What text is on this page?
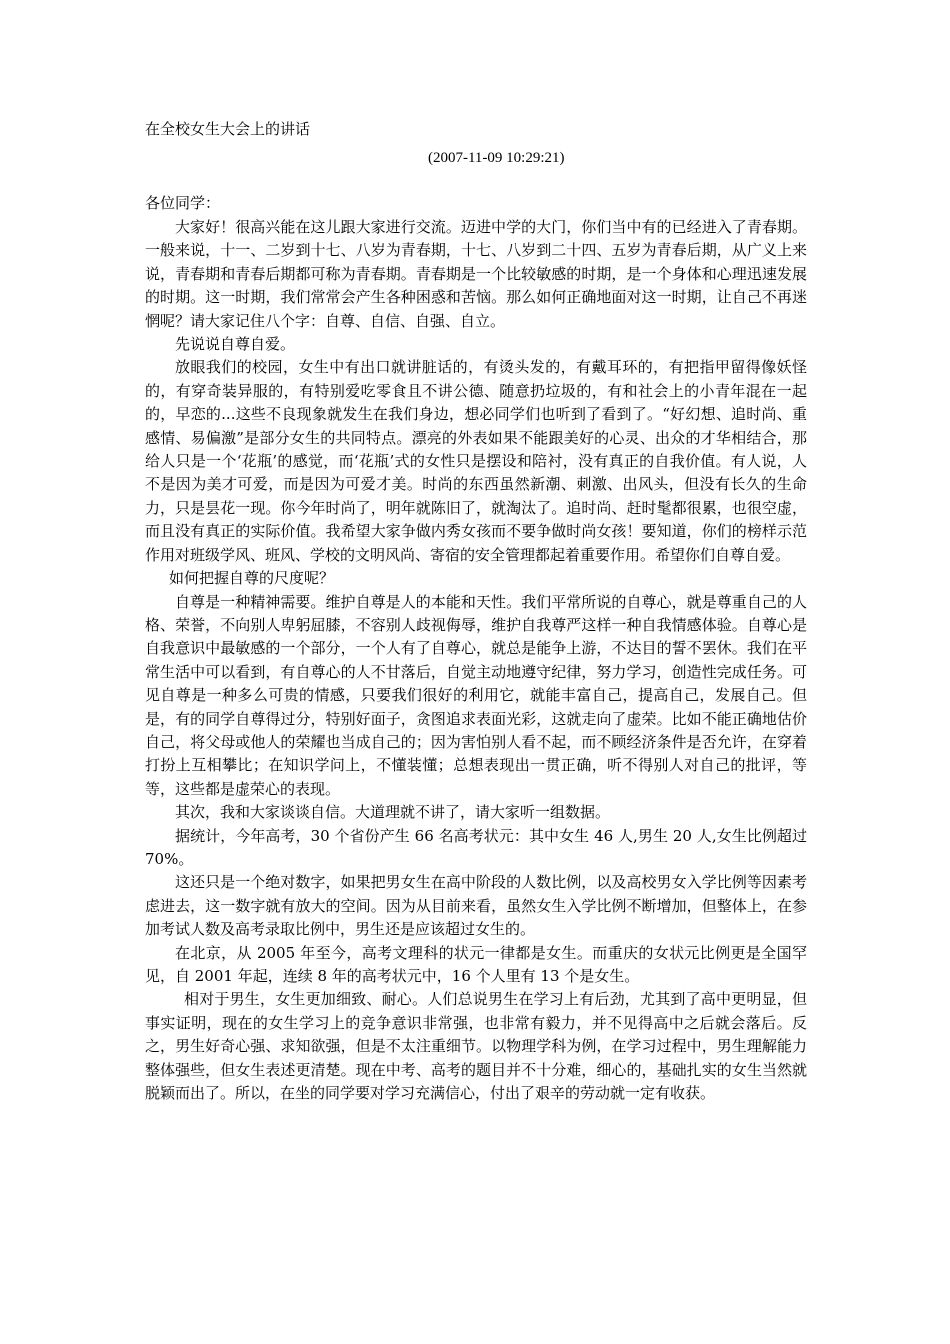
在全校女生大会上的讲话
(2007-11-09 10:29:21)
各位同学：

大家好！很高兴能在这儿跟大家进行交流。迈进中学的大门，你们当中有的已经进入了青春期。一般来说，十一、二岁到十七、八岁为青春期，十七、八岁到二十四、五岁为青春后期，从广义上来说，青春期和青春后期都可称为青春期。青春期是一个比较敏感的时期，是一个身体和心理迅速发展的时期。这一时期，我们常常会产生各种困惑和苦恼。那么如何正确地面对这一时期，让自己不再迷惘呢？请大家记住八个字：自尊、自信、自强、自立。

先说说自尊自爱。

放眼我们的校园，女生中有出口就讲脏话的，有烫头发的，有戴耳环的，有把指甲留得像妖怪的，有穿奇装异服的，有特别爱吃零食且不讲公德、随意扔垃圾的，有和社会上的小青年混在一起的，早恋的...这些不良现象就发生在我们身边，想必同学们也听到了看到了。“好幻想、追时尚、重感情、易偏激”是部分女生的共同特点。漂亮的外表如果不能跟美好的心灵、出众的才华相结合，那给人只是一个‘花瓶’的感觉，而‘花瓶’式的女性只是摆设和陪衬，没有真正的自我价值。有人说，人不是因为美才可爱，而是因为可爱才美。时尚的东西虽然新潮、刺激、出风头，但没有长久的生命力，只是昙花一现。你今年时尚了，明年就陈旧了，就淘汰了。追时尚、赶时髦都很累，也很空虚，而且没有真正的实际价值。我希望大家争做内秀女孩而不要争做时尚女孩！要知道，你们的榜样示范作用对班级学风、班风、学校的文明风尚、寄宿的安全管理都起着重要作用。希望你们自尊自爱。

如何把握自尊的尺度呢？

自尊是一种精神需要。维护自尊是人的本能和天性。我们平常所说的自尊心，就是尊重自己的人格、荣誉，不向别人卑躬屈膝，不容别人歧视侮辱，维护自我尊严这样一种自我情感体验。自尊心是自我意识中最敏感的一个部分，一个人有了自尊心，就总是能争上游，不达目的誓不罢休。我们在平常生活中可以看到，有自尊心的人不甘落后，自觉主动地遵守纪律，努力学习，创造性完成任务。可见自尊是一种多么可贵的情感，只要我们很好的利用它，就能丰富自己，提高自己，发展自己。但是，有的同学自尊得过分，特别好面子，贪图追求表面光彩，这就走向了虚荣。比如不能正确地估价自己，将父母或他人的荣耀也当成自己的；因为害怕别人看不起，而不顾经济条件是否允许，在穿着打扮上互相攀比；在知识学问上，不懂装懂；总想表现出一贯正确，听不得别人对自己的批评，等等，这些都是虚荣心的表现。

其次，我和大家谈谈自信。大道理就不讲了，请大家听一组数据。

据统计，今年高考，30 个省份产生 66 名高考状元：其中女生 46 人,男生 20 人,女生比例超过 70%。

这还只是一个绝对数字，如果把男女生在高中阶段的人数比例，以及高校男女入学比例等因素考虑进去，这一数字就有放大的空间。因为从目前来看，虽然女生入学比例不断增加，但整体上，在参加考试人数及高考录取比例中，男生还是应该超过女生的。

在北京，从 2005 年至今，高考文理科的状元一律都是女生。而重庆的女状元比例更是全国罕见，自 2001 年起，连续 8 年的高考状元中，16 个人里有 13 个是女生。

相对于男生，女生更加细致、耐心。人们总说男生在学习上有后劲，尤其到了高中更明显，但事实证明，现在的女生学习上的竞争意识非常强，也非常有毅力，并不见得高中之后就会落后。反之，男生好奇心强、求知欲强，但是不太注重细节。以物理学科为例，在学习过程中，男生理解能力整体强些，但女生表述更清楚。现在中考、高考的题目并不十分难，细心的，基础扎实的女生当然就脱颖而出了。所以，在坐的同学要对学习充满信心，付出了艰辛的劳动就一定有收获。
